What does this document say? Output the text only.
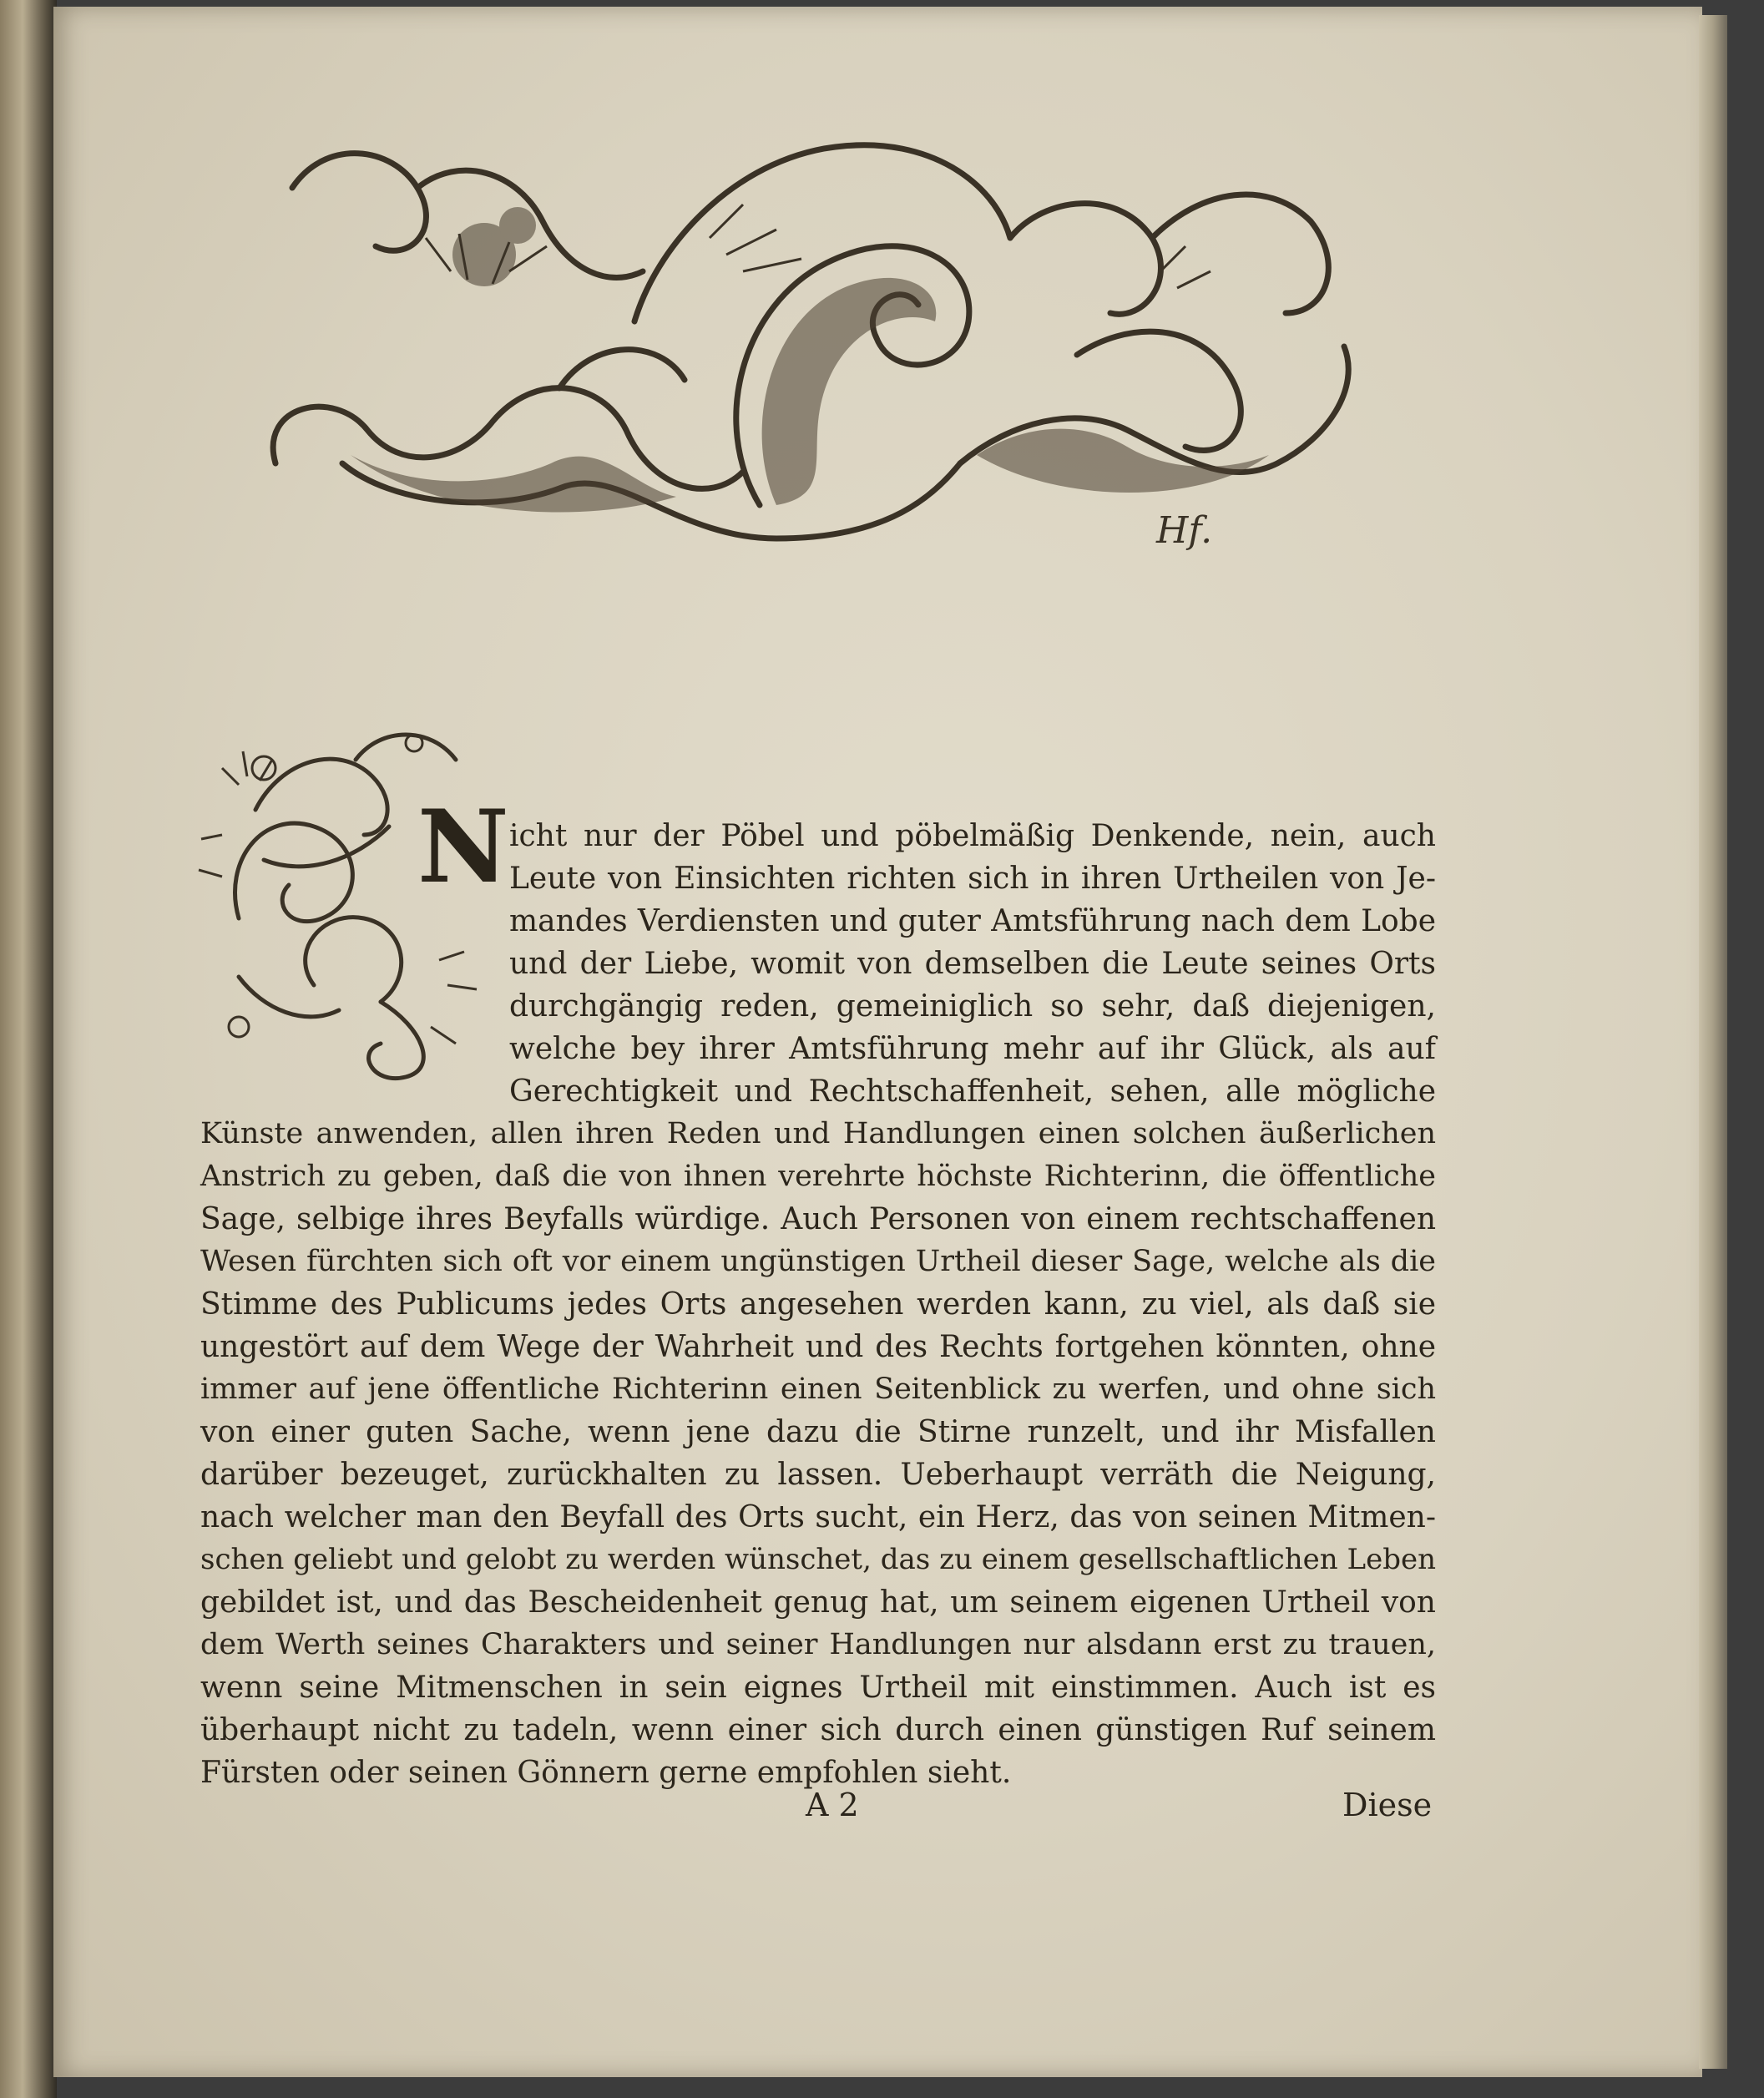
Hf.
N icht nur der Pöbel und pöbelmäßig Denkende, nein, auch
Leute von Einsichten richten sich in ihren Urtheilen von Je-
mandes Verdiensten und guter Amtsführung nach dem Lobe
und der Liebe, womit von demselben die Leute seines Orts
durchgängig reden, gemeiniglich so sehr, daß diejenigen,
welche bey ihrer Amtsführung mehr auf ihr Glück, als auf
Gerechtigkeit und Rechtschaffenheit, sehen, alle mögliche
Künste anwenden, allen ihren Reden und Handlungen einen solchen äußerlichen
Anstrich zu geben, daß die von ihnen verehrte höchste Richterinn, die öffentliche
Sage, selbige ihres Beyfalls würdige. Auch Personen von einem rechtschaffenen
Wesen fürchten sich oft vor einem ungünstigen Urtheil dieser Sage, welche als die
Stimme des Publicums jedes Orts angesehen werden kann, zu viel, als daß sie
ungestört auf dem Wege der Wahrheit und des Rechts fortgehen könnten, ohne
immer auf jene öffentliche Richterinn einen Seitenblick zu werfen, und ohne sich
von einer guten Sache, wenn jene dazu die Stirne runzelt, und ihr Misfallen
darüber bezeuget, zurückhalten zu lassen. Ueberhaupt verräth die Neigung,
nach welcher man den Beyfall des Orts sucht, ein Herz, das von seinen Mitmen-
schen geliebt und gelobt zu werden wünschet, das zu einem gesellschaftlichen Leben
gebildet ist, und das Bescheidenheit genug hat, um seinem eigenen Urtheil von
dem Werth seines Charakters und seiner Handlungen nur alsdann erst zu trauen,
wenn seine Mitmenschen in sein eignes Urtheil mit einstimmen. Auch ist es
überhaupt nicht zu tadeln, wenn einer sich durch einen günstigen Ruf seinem
Fürsten oder seinen Gönnern gerne empfohlen sieht.
A 2	Diese
